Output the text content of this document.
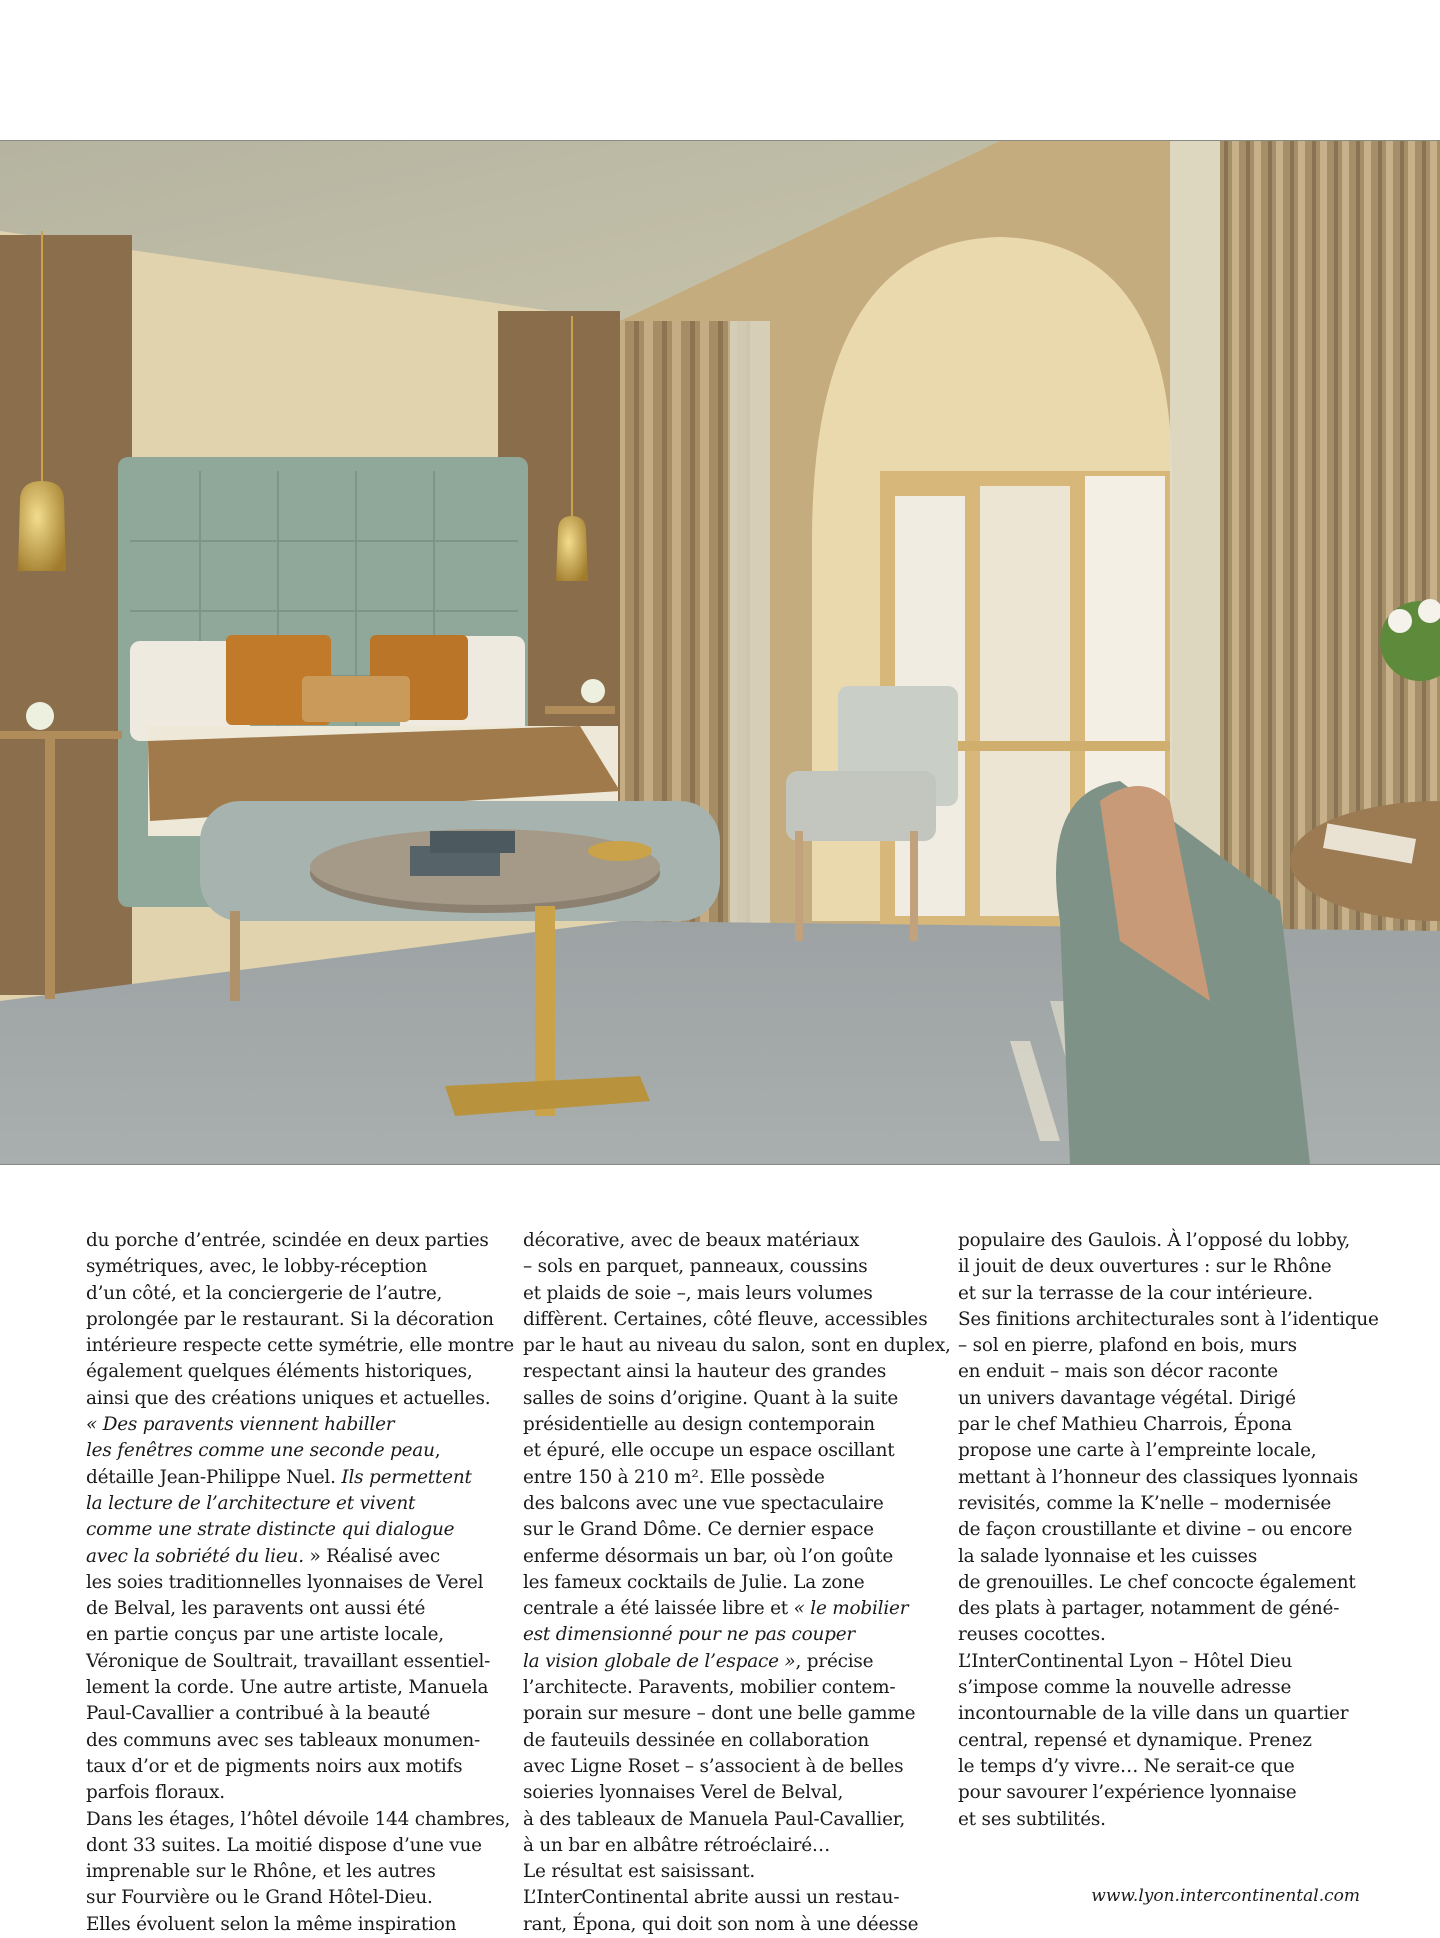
du porche d’entrée, scindée en deux parties
symétriques, avec, le lobby-réception
d’un côté, et la conciergerie de l’autre,
prolongée par le restaurant. Si la décoration
intérieure respecte cette symétrie, elle montre
également quelques éléments historiques,
ainsi que des créations uniques et actuelles.
« Des paravents viennent habiller
les fenêtres comme une seconde peau,
détaille Jean-Philippe Nuel. Ils permettent
la lecture de l’architecture et vivent
comme une strate distincte qui dialogue
avec la sobriété du lieu. » Réalisé avec
les soies traditionnelles lyonnaises de Verel
de Belval, les paravents ont aussi été
en partie conçus par une artiste locale,
Véronique de Soultrait, travaillant essentiel-
lement la corde. Une autre artiste, Manuela
Paul-Cavallier a contribué à la beauté
des communs avec ses tableaux monumen-
taux d’or et de pigments noirs aux motifs
parfois floraux.
Dans les étages, l’hôtel dévoile 144 chambres,
dont 33 suites. La moitié dispose d’une vue
imprenable sur le Rhône, et les autres
sur Fourvière ou le Grand Hôtel-Dieu.
Elles évoluent selon la même inspiration
décorative, avec de beaux matériaux
– sols en parquet, panneaux, coussins
et plaids de soie –, mais leurs volumes
diffèrent. Certaines, côté fleuve, accessibles
par le haut au niveau du salon, sont en duplex,
respectant ainsi la hauteur des grandes
salles de soins d’origine. Quant à la suite
présidentielle au design contemporain
et épuré, elle occupe un espace oscillant
entre 150 à 210 m². Elle possède
des balcons avec une vue spectaculaire
sur le Grand Dôme. Ce dernier espace
enferme désormais un bar, où l’on goûte
les fameux cocktails de Julie. La zone
centrale a été laissée libre et « le mobilier
est dimensionné pour ne pas couper
la vision globale de l’espace », précise
l’architecte. Paravents, mobilier contem-
porain sur mesure – dont une belle gamme
de fauteuils dessinée en collaboration
avec Ligne Roset – s’associent à de belles
soieries lyonnaises Verel de Belval,
à des tableaux de Manuela Paul-Cavallier,
à un bar en albâtre rétroéclairé…
Le résultat est saisissant.
L’InterContinental abrite aussi un restau-
rant, Épona, qui doit son nom à une déesse
populaire des Gaulois. À l’opposé du lobby,
il jouit de deux ouvertures : sur le Rhône
et sur la terrasse de la cour intérieure.
Ses finitions architecturales sont à l’identique
– sol en pierre, plafond en bois, murs
en enduit – mais son décor raconte
un univers davantage végétal. Dirigé
par le chef Mathieu Charrois, Épona
propose une carte à l’empreinte locale,
mettant à l’honneur des classiques lyonnais
revisités, comme la K’nelle – modernisée
de façon croustillante et divine – ou encore
la salade lyonnaise et les cuisses
de grenouilles. Le chef concocte également
des plats à partager, notamment de géné-
reuses cocottes.
L’InterContinental Lyon – Hôtel Dieu
s’impose comme la nouvelle adresse
incontournable de la ville dans un quartier
central, repensé et dynamique. Prenez
le temps d’y vivre… Ne serait-ce que
pour savourer l’expérience lyonnaise
et ses subtilités.
www.lyon.intercontinental.com
